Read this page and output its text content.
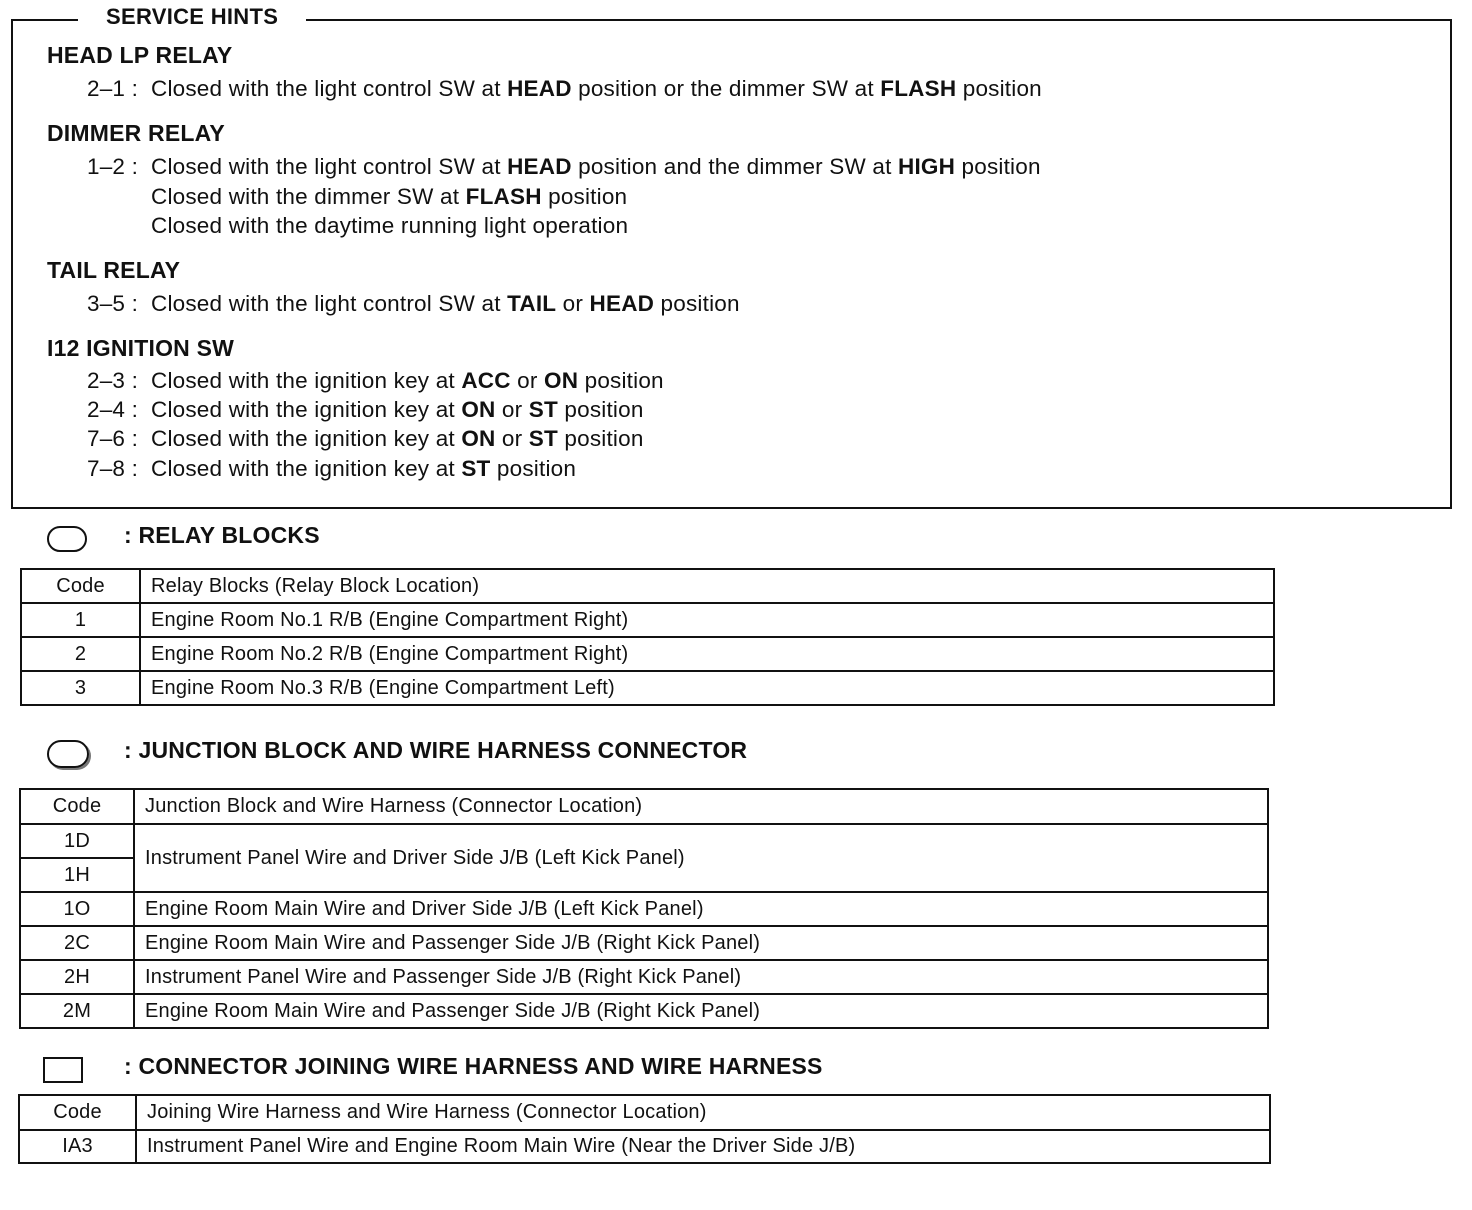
SERVICE HINTS
HEAD LP RELAY
2–1 : Closed with the light control SW at HEAD position or the dimmer SW at FLASH position
DIMMER RELAY
1–2 : Closed with the light control SW at HEAD position and the dimmer SW at HIGH position
Closed with the dimmer SW at FLASH position
Closed with the daytime running light operation
TAIL RELAY
3–5 : Closed with the light control SW at TAIL or HEAD position
I12 IGNITION SW
2–3 : Closed with the ignition key at ACC or ON position
2–4 : Closed with the ignition key at ON or ST position
7–6 : Closed with the ignition key at ON or ST position
7–8 : Closed with the ignition key at ST position
: RELAY BLOCKS
Code	Relay Blocks (Relay Block Location)
1	Engine Room No.1 R/B (Engine Compartment Right)
2	Engine Room No.2 R/B (Engine Compartment Right)
3	Engine Room No.3 R/B (Engine Compartment Left)
: JUNCTION BLOCK AND WIRE HARNESS CONNECTOR
Code	Junction Block and Wire Harness (Connector Location)
1D	Instrument Panel Wire and Driver Side J/B (Left Kick Panel)
1H	
1O	Engine Room Main Wire and Driver Side J/B (Left Kick Panel)
2C	Engine Room Main Wire and Passenger Side J/B (Right Kick Panel)
2H	Instrument Panel Wire and Passenger Side J/B (Right Kick Panel)
2M	Engine Room Main Wire and Passenger Side J/B (Right Kick Panel)
: CONNECTOR JOINING WIRE HARNESS AND WIRE HARNESS
Code	Joining Wire Harness and Wire Harness (Connector Location)
IA3	Instrument Panel Wire and Engine Room Main Wire (Near the Driver Side J/B)
